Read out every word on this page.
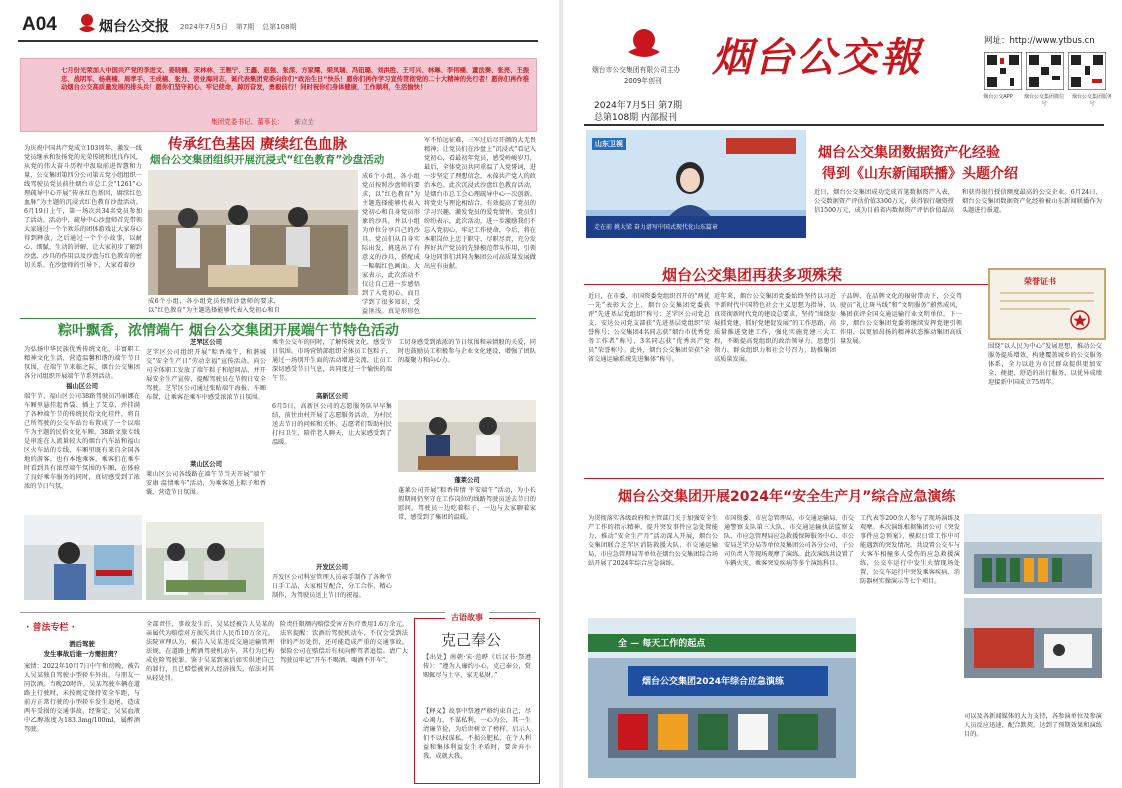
A04	烟台公交报 2024年7月5日 第7期 总第108期
七月份光荣加入中国共产党的李进文、姜晓楠、宋林林、王雅宁、王鑫、赵强、张深、方家耀、梁凤瑞、冯钮璐、刘洪胜、王可兴、林琳、李伟楠、董法秦、张亮、王振忠、战明军、杨燕楠、周孝手、王成楠、张力、贺业海同志，诞代表集团党委向你们“政治生日”快乐！愿你们再作学习宣传贯彻党的二十大精神的先行者！愿你们再作推动烟台公交高质量发展的排头兵！愿你们坚守初心、牢记使命，踔厉奋发，勇毅前行！同时祝你们身体健康，工作顺利，生活愉快！
集团党委书记、董事长： 张立生
传承红色基因 赓续红色血脉
烟台公交集团组织开展沉浸式“红色教育”沙盘活动
为庆祝中国共产党成立103周年，激发一线党员继承和发扬党的光荣传统和优良作风，从党的伟大奋斗历程中汲取前进智慧和力量，公交集团第四分公司第五党小组组织一线驾驶员党员前往烟台市总工会“1261”心理疏导中心开展“传承红色基因，赓续红色血脉”为主题的沉浸式红色教育沙盘活动。6月19日上午，第一场次共34名党员参加了活动。活动中，疏导中心沙盘师首先带领大家通过一个个欢乐的团体游戏让大家身心得到释放，之后通过一个个小故事，以耐心、细腻、生动的讲解，让大家初步了解到沙盘、沙具的作用以及沙盘与红色教育的密切关系。在沙盘师的引导下，大家看着沙
成6个小组，各小组党员按照沙盘师的要求，以“红色教育”为主题选择能够代表入党初心和自
成6个小组，各小组党员按照沙盘师的要求，以“红色教育”为主题选择能够代表入党初心和自身党员形象的沙具，并以小组为单位分享自己的沙具。党员们从自身实际出发，挑选出了有意义的沙具，搭配成一幅幅红色画面。大家表示，此次活动不仅让自己进一步感悟到了入党初心，而且学到了很多知识，受益匪浅。真是形形色
军不怕远征难，三军过后尽开颜的大无畏精神；让党员们在沙盘上“沉浸式”看记入党初心，看最初年党员，感受岭峻岁月，最后，全体党员共同重温了入党誓词，进一步坚定了理想信念，永葆共产党人的政治本色。此次沉浸式沙盘红色教育活动，是烟台市总工会心理疏导中心一次创新。将党史与理论相结合，有效提高了党员的学习兴趣。激发党员的爱党情怀。党员们纷纷表示，此次活动，进一步激励我们不忘入党初心，牢记工作使命，今后，将在本职岗位上忠于职守、尽职尽责，充分发挥好共产党员的先锋模范带头作用，引领身边同事们共同为集团公司高质量发展做出应有贡献。
粽叶飘香，浓情端午 烟台公交集团开展端午节特色活动
为弘扬中华民族优秀传统文化，丰富职工精神文化生活，营造温馨和谐的端午节日氛围，在端午节来临之际，烟台公交集团各分司组织开展端午节系列活动。
福山区公司
端午节，福山区公司38路驾驶员冯丽娜在车厢里悬挂起香袋、插上了艾草，并挂满了各种端午节的传统民俗文化挂件，将自己所驾驶的公交车站台布置成了一个以端午为主题的民俗文化车厢。38路文旅专线是串连在人流量较大的烟台汽车站和福山区火车站的专线，车厢里既有来自全国各地的游客，也有本地乘客，乘客们在乘车时看到具有浓厚端午氛围的车厢，在体验了良好乘车服务的同时，真切感受到了浓浓的节日气氛。
芝罘区公司
芝罘区公司组织开展“粽香端午，和谐城交”安全生产日“劳动幸福”宣传活动。向公司全体职工发放了端午粽子和慰问品，并开展安全生产宣传，提醒驾驶员在节假日安全驾驶。芝罘区公司通过张贴端午海报、车厢布置，让乘客在乘车中感受浓浓节日氛围。
莱山区公司
莱山区公司各线路在端午节当天开展“端午安康 温情乘车”活动，为乘客送上粽子和香囊，营造节日氛围。
乘坐公交车的同时，了解传统文化，感受节日氛围。市场营销部组织全体员工包粽子，通过一场别开生面的活动增进交流，让员工深切感受节日气息，共同度过一个愉快的端午节。
高新区公司
6月5日，高新区公司的志愿服务队早早集结，前往由村开展了志愿服务活动，为村民送去节日的问候和关怀。志愿者们帮助村民打扫卫生、陪伴老人聊天，让大家感受到了温暖。
开发区公司
开发区公司科室管理人员亲手制作了各种节日手工品，大家相互配合，分工合作，精心制作，为驾驶员送上节日的祝福。
工切身感受到浓浓的节日氛围和亲情般的关爱，同时也鼓励员工积极参与企业文化建设，增强了团队的凝聚力和向心力。
蓬莱公司
蓬莱公司开展“粽香传情 平安端午”活动，为小长假期间仍坚守在工作岗位的线路驾驶员送去节日的慰问。驾驶员一边吃着粽子，一边与大家聊着家常，感受到了集团的温暖。
· 普法专栏 ·
酒后驾驶
发生事故后谁一方需担责？
案情：2022年10月7日中午和傍晚，被告人吴某独自驾驶小型轿车外出，与朋友一同饮酒。当晚20时许，吴某驾驶车辆在道路上行驶时，未按规定保持安全车距，与前方正常行驶的小型轿车发生追尾，造成两车受损的交通事故。经鉴定，吴某血液中乙醇浓度为183.3mg/100ml，属醉酒驾驶。
全部责任，事故发生后，吴某经被告人吴某的亲属代为赔偿对方损失共计人民币10万余元。法院审理认为，被告人吴某违反交通运输管理法规，在道路上醉酒驾驶机动车，其行为已构成危险驾驶罪。鉴于吴某到案后如实供述自己的罪行，且已赔偿被害人经济损失，依法对其从轻处罚。
险责任限额内赔偿受害方医疗费用1.6万余元。法官提醒：饮酒后驾驶机动车，不仅会受到法律的严厉处罚，还可能造成严重的交通事故。保险公司在赔偿后有权向醉驾者追偿。请广大驾驶员牢记“开车不喝酒、喝酒不开车”。
古语故事
克己奉公
【出处】南朝·宋·范晔《后汉书·祭遵传》：“遵为人廉约小心，克己奉公，赏赐辄尽与士卒，家无私财。”
【释义】故事中祭遵严格约束自己，尽心竭力，不谋私利，一心为公，其一生清廉节俭，为后世树立了榜样。启示人们不以权谋私，不损公肥私，在个人利益和集体利益发生矛盾时，要舍弃小我，成就大我。
烟台市公交集团有限公司主办
2009年创刊 烟台公交報
2024年7月5日 第7期
总第108期 内部报刊
网址：http://www.ytbus.cn
烟台公交APP	烟台公交集团微信号
烟台公交集团服务号
山东卫视
走在前 挑大梁 奋力谱写中国式现代化山东篇章
烟台公交集团数据资产化经验
得到《山东新闻联播》头题介绍
近日，烟台公交集团成功完成首笔数据资产入表，公交数据资产评估价值3300万元，获得银行融资授信1500万元，成为目前省内数据资产评估价值最高和获得银行授信额度最高的公交企业。6月24日，烟台公交集团数据资产化经验被山东新闻联播作为头题进行报道。
烟台公交集团再获多项殊荣
近日，在市委、市国资委党组织召开的“两优一先”表彰大会上，烟台公交集团党委获评“先进基层党组织”称号；芝罘区公司党总支、安达公司党支部获“先进基层党组织”荣誉称号；公交集团4名同志获“烟台市优秀党务工作者”称号，3名同志获“优秀共产党员”荣誉称号。此外，烟台公交集团荣获“全省交通运输系统先进集体”称号。
近年来，烟台公交集团党委始终坚持以习近平新时代中国特色社会主义思想为指导，认真贯彻新时代党的建设总要求，坚持“围绕发展抓党建、抓好党建促发展”的工作思路，高质量推进党建工作，强化实施党建三大工程，不断提高党组织的政治领导力、思想引领力、群众组织力和社会号召力，助推集团高质量发展。
子品牌，在品牌文化的辐射带动下，公交驾驶员“礼让斑马线”和“文明服务”蔚然成风，集团获评全国交通运输行业文明单位。下一步，烟台公交集团党委将继续发挥党建引领作用，以更加昂扬的精神状态推动集团高质量发展。
荣誉证书
围绕“以人民为中心”发展思想，推动公交服务提质增效，构建覆盖城乡的公交服务体系，全力以赴为市民群众提供更加安全、便捷、舒适的出行服务，以优异成绩迎接新中国成立75周年。
烟台公交集团开展2024年“安全生产月”综合应急演练
为贯彻落实各级政府和主管部门关于加强安全生产工作的指示精神，提升突发事件应急处置能力，推动“安全生产月”活动深入开展，烟台公交集团联合芝罘区消防救援大队、市交通运输局、市应急管理局等单位在烟台公交集团综合场站开展了2024年综合应急演练。
市国资委、市应急管理局、市交通运输局、市交通警察支队第三大队、市交通运输执法监察支队、市应急管理局应急救援保障服务中心、市公安局芝罘分局等单位及集团公司各分公司、子公司负责人等现场观摩了演练。此次演练共设置了车辆火灾、乘客突发疾病等多个演练科目。
工代表等200余人参与了现场演练及观摩。本次演练根据集团公司《突发事件应急预案》，模拟日常工作中可能遇到的突发情况，共设置公交车与大客车相撞多人受伤的应急救援演练，公交车运行中发生火情现场处置、公交车运行中突发乘客疾病、消防器材实操演示等七个项目。
司以及各新闻媒体的大力支持，各参演单位及参演人员反应迅速，配合默契，达到了预期效果和演练目的。
全 — 每天工作的起点
烟台公交集团2024年综合应急演练
